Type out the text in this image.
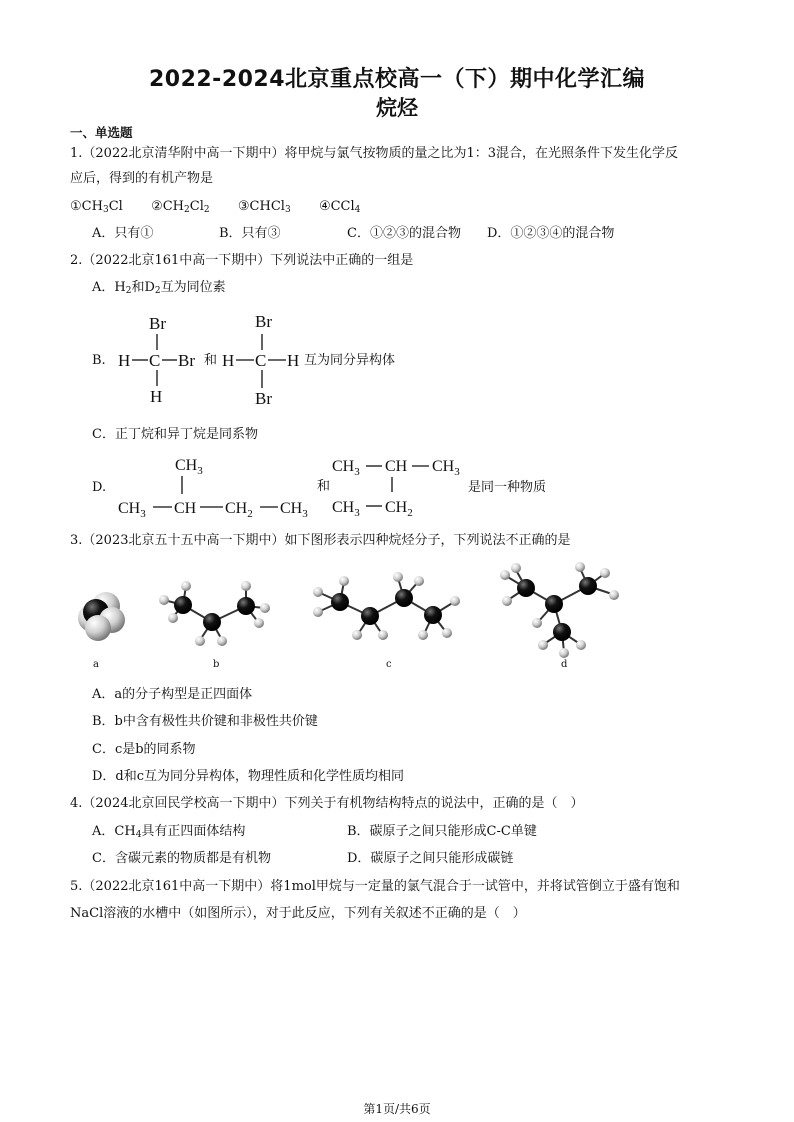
2022-2024北京重点校高一（下）期中化学汇编
烷烃
一、单选题
1.（2022北京清华附中高一下期中）将甲烷与氯气按物质的量之比为1：3混合，在光照条件下发生化学反
应后，得到的有机产物是
$①CH_3Cl$ $②CH_2Cl_2$ ③CHCl$_3$ ④CCl$_4$
A．只有①	B．只有③	C．①②③的混合物 D．①②③④的混合物
2.（2022北京161中高一下期中）下列说法中正确的一组是
A．$H_2$和$D_2$互为同位素
B.
Br
H C Br
H
和
Br
H C H
Br
互为同分异构体
C．正丁烷和异丁烷是同系物
D.
$CH_3$
$CH_3$ CH $CH_2$ $CH_3$
和
$CH_3$ CH $CH_3$
$CH_3$ $CH_2$
是同一种物质
3.（2023北京五十五中高一下期中）如下图形表示四种烷烃分子，下列说法不正确的是
a	b	c	d
A．a的分子构型是正四面体
B．b中含有极性共价键和非极性共价键
C．c是b的同系物
D．d和c互为同分异构体，物理性质和化学性质均相同
4.（2024北京回民学校高一下期中）下列关于有机物结构特点的说法中，正确的是（　）
A．$CH_4$具有正四面体结构	B．碳原子之间只能形成C-C单键
C．含碳元素的物质都是有机物	D．碳原子之间只能形成碳链
5.（2022北京161中高一下期中）将1mol甲烷与一定量的氯气混合于一试管中，并将试管倒立于盛有饱和
NaCl溶液的水槽中（如图所示），对于此反应，下列有关叙述不正确的是（　）
第1页/共6页
